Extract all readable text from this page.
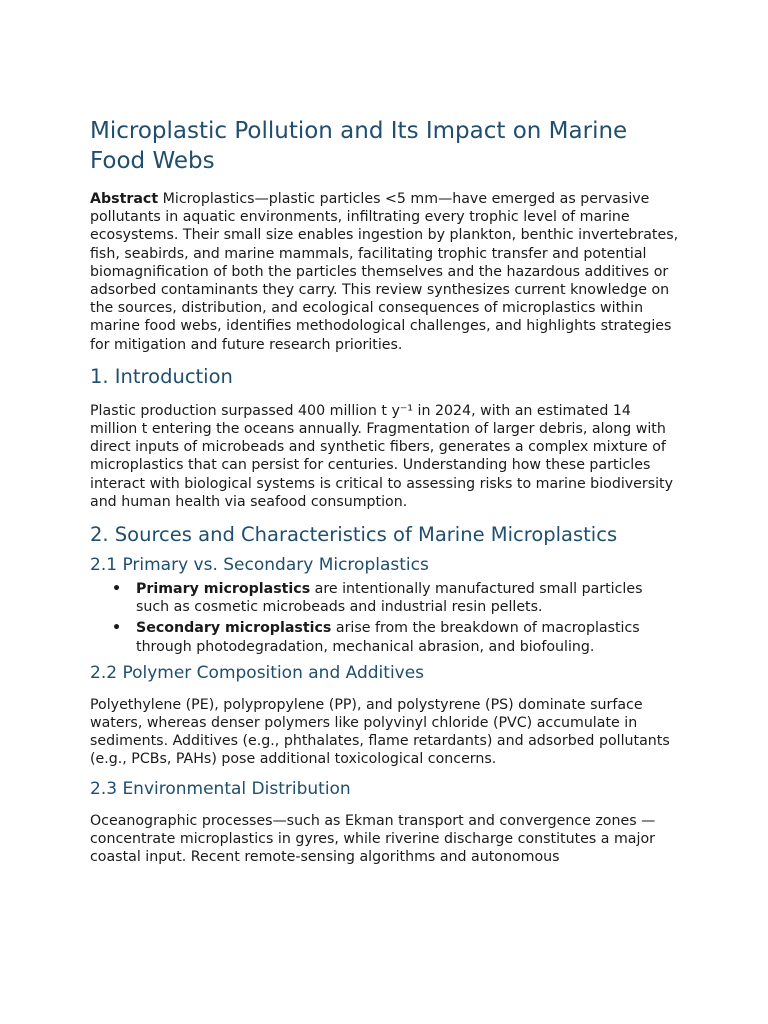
Microplastic Pollution and Its Impact on Marine Food Webs

Abstract Microplastics—plastic particles <5 mm—have emerged as pervasive pollutants in aquatic environments, infiltrating every trophic level of marine ecosystems. Their small size enables ingestion by plankton, benthic invertebrates, fish, seabirds, and marine mammals, facilitating trophic transfer and potential biomagnification of both the particles themselves and the hazardous additives or adsorbed contaminants they carry. This review synthesizes current knowledge on the sources, distribution, and ecological consequences of microplastics within marine food webs, identifies methodological challenges, and highlights strategies for mitigation and future research priorities.

1. Introduction

Plastic production surpassed 400 million t y⁻¹ in 2024, with an estimated 14 million t entering the oceans annually. Fragmentation of larger debris, along with direct inputs of microbeads and synthetic fibers, generates a complex mixture of microplastics that can persist for centuries. Understanding how these particles interact with biological systems is critical to assessing risks to marine biodiversity and human health via seafood consumption.

2. Sources and Characteristics of Marine Microplastics
2.1 Primary vs. Secondary Microplastics
• Primary microplastics are intentionally manufactured small particles such as cosmetic microbeads and industrial resin pellets.
• Secondary microplastics arise from the breakdown of macroplastics through photodegradation, mechanical abrasion, and biofouling.
2.2 Polymer Composition and Additives

Polyethylene (PE), polypropylene (PP), and polystyrene (PS) dominate surface waters, whereas denser polymers like polyvinyl chloride (PVC) accumulate in sediments. Additives (e.g., phthalates, flame retardants) and adsorbed pollutants (e.g., PCBs, PAHs) pose additional toxicological concerns.

2.3 Environmental Distribution

Oceanographic processes—such as Ekman transport and convergence zones —concentrate microplastics in gyres, while riverine discharge constitutes a major coastal input. Recent remote-sensing algorithms and autonomous
